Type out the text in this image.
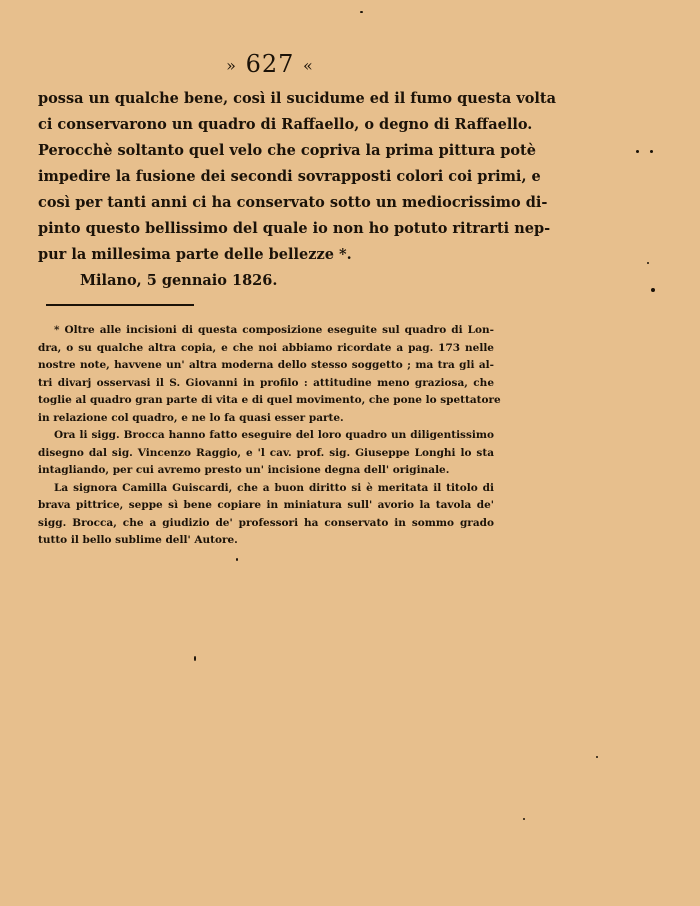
» 627 «
possa un qualche bene, così il sucidume ed il fumo questa volta
ci conservarono un quadro di Raffaello, o degno di Raffaello.
Perocchè soltanto quel velo che copriva la prima pittura potè
impedire la fusione dei secondi sovrapposti colori coi primi, e
così per tanti anni ci ha conservato sotto un mediocrissimo di-
pinto questo bellissimo del quale io non ho potuto ritrarti nep-
pur la millesima parte delle bellezze *.
Milano, 5 gennaio 1826.
* Oltre alle incisioni di questa composizione eseguite sul quadro di Lon-
dra, o su qualche altra copia, e che noi abbiamo ricordate a pag. 173 nelle
nostre note, havvene un' altra moderna dello stesso soggetto ; ma tra gli al-
tri divarj osservasi il S. Giovanni in profilo : attitudine meno graziosa, che
toglie al quadro gran parte di vita e di quel movimento, che pone lo spettatore
in relazione col quadro, e ne lo fa quasi esser parte.
Ora li sigg. Brocca hanno fatto eseguire del loro quadro un diligentissimo
disegno dal sig. Vincenzo Raggio, e 'l cav. prof. sig. Giuseppe Longhi lo sta
intagliando, per cui avremo presto un' incisione degna dell' originale.
La signora Camilla Guiscardi, che a buon diritto si è meritata il titolo di
brava pittrice, seppe sì bene copiare in miniatura sull' avorio la tavola de'
sigg. Brocca, che a giudizio de' professori ha conservato in sommo grado
tutto il bello sublime dell' Autore.
